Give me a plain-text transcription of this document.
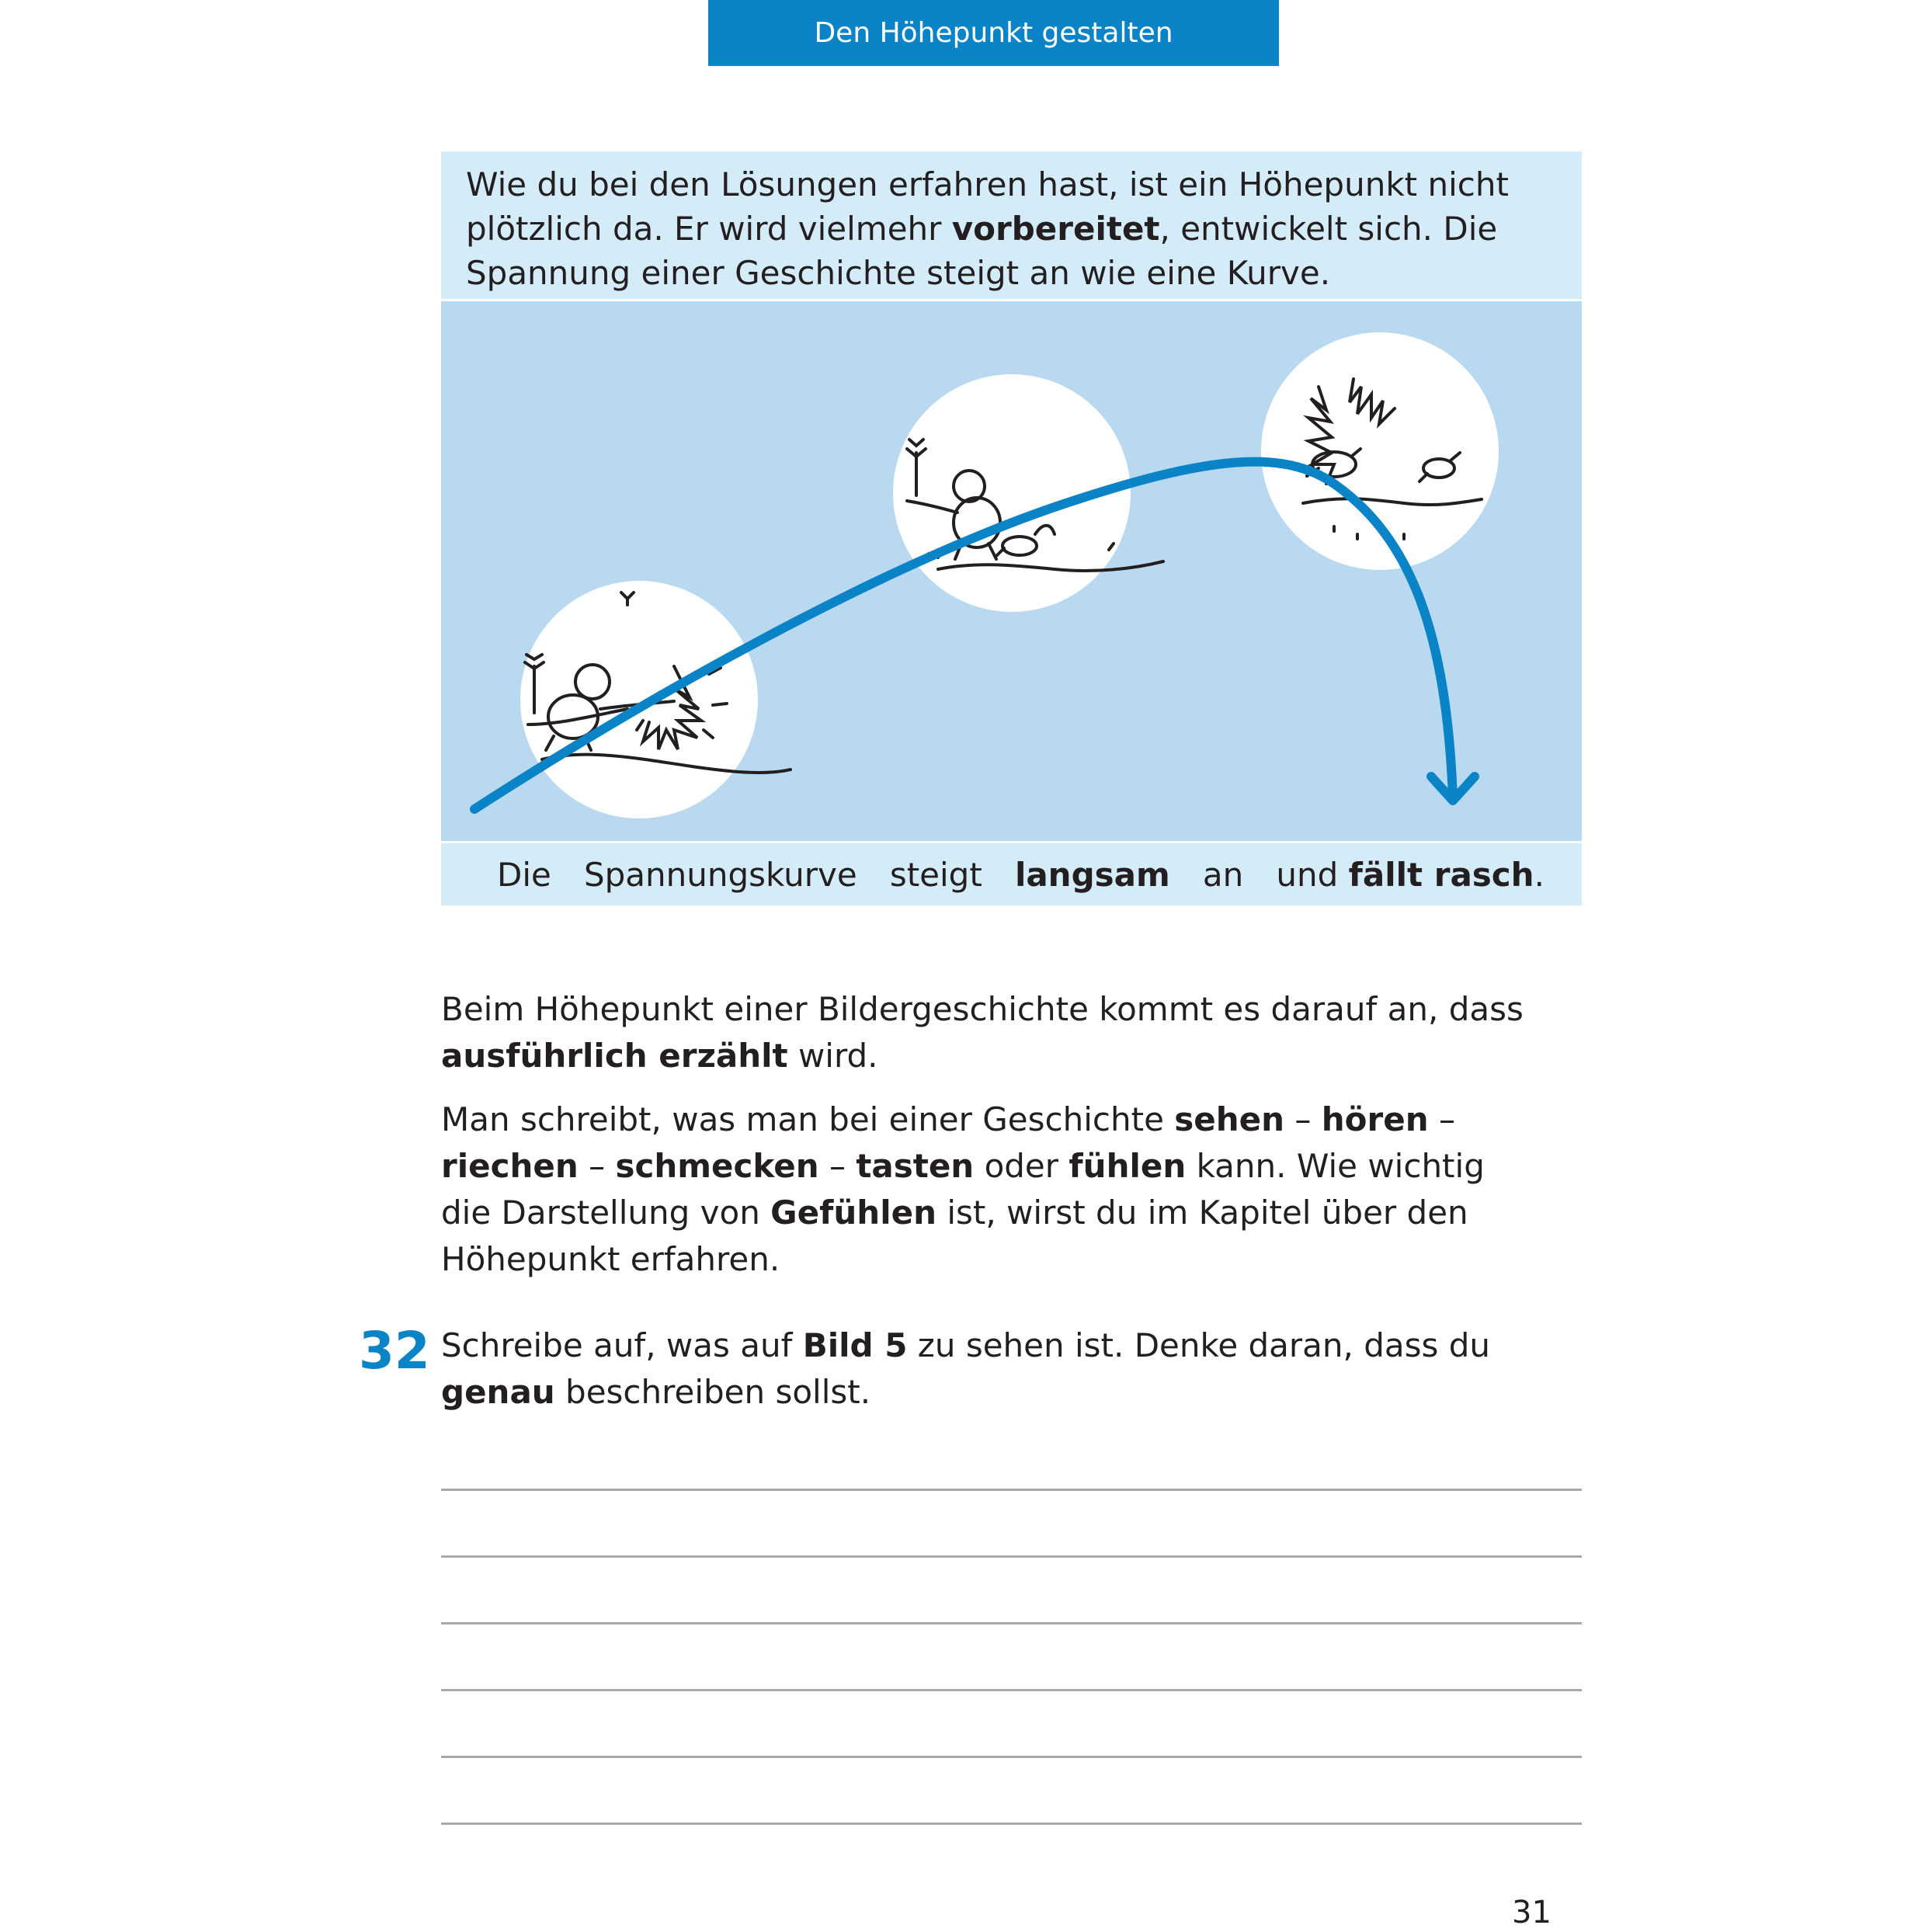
Den Höhepunkt gestalten
Wie du bei den Lösungen erfahren hast, ist ein Höhepunkt nicht plötzlich da. Er wird vielmehr vorbereitet, entwickelt sich. Die Spannung einer Geschichte steigt an wie eine Kurve.
Die Spannungskurve steigt langsam an und fällt rasch.
Beim Höhepunkt einer Bildergeschichte kommt es darauf an, dass ausführlich erzählt wird.
Man schreibt, was man bei einer Geschichte sehen – hören – riechen – schmecken – tasten oder fühlen kann. Wie wichtig die Darstellung von Gefühlen ist, wirst du im Kapitel über den Höhepunkt erfahren.
32 Schreibe auf, was auf Bild 5 zu sehen ist. Denke daran, dass du genau beschreiben sollst.
31
